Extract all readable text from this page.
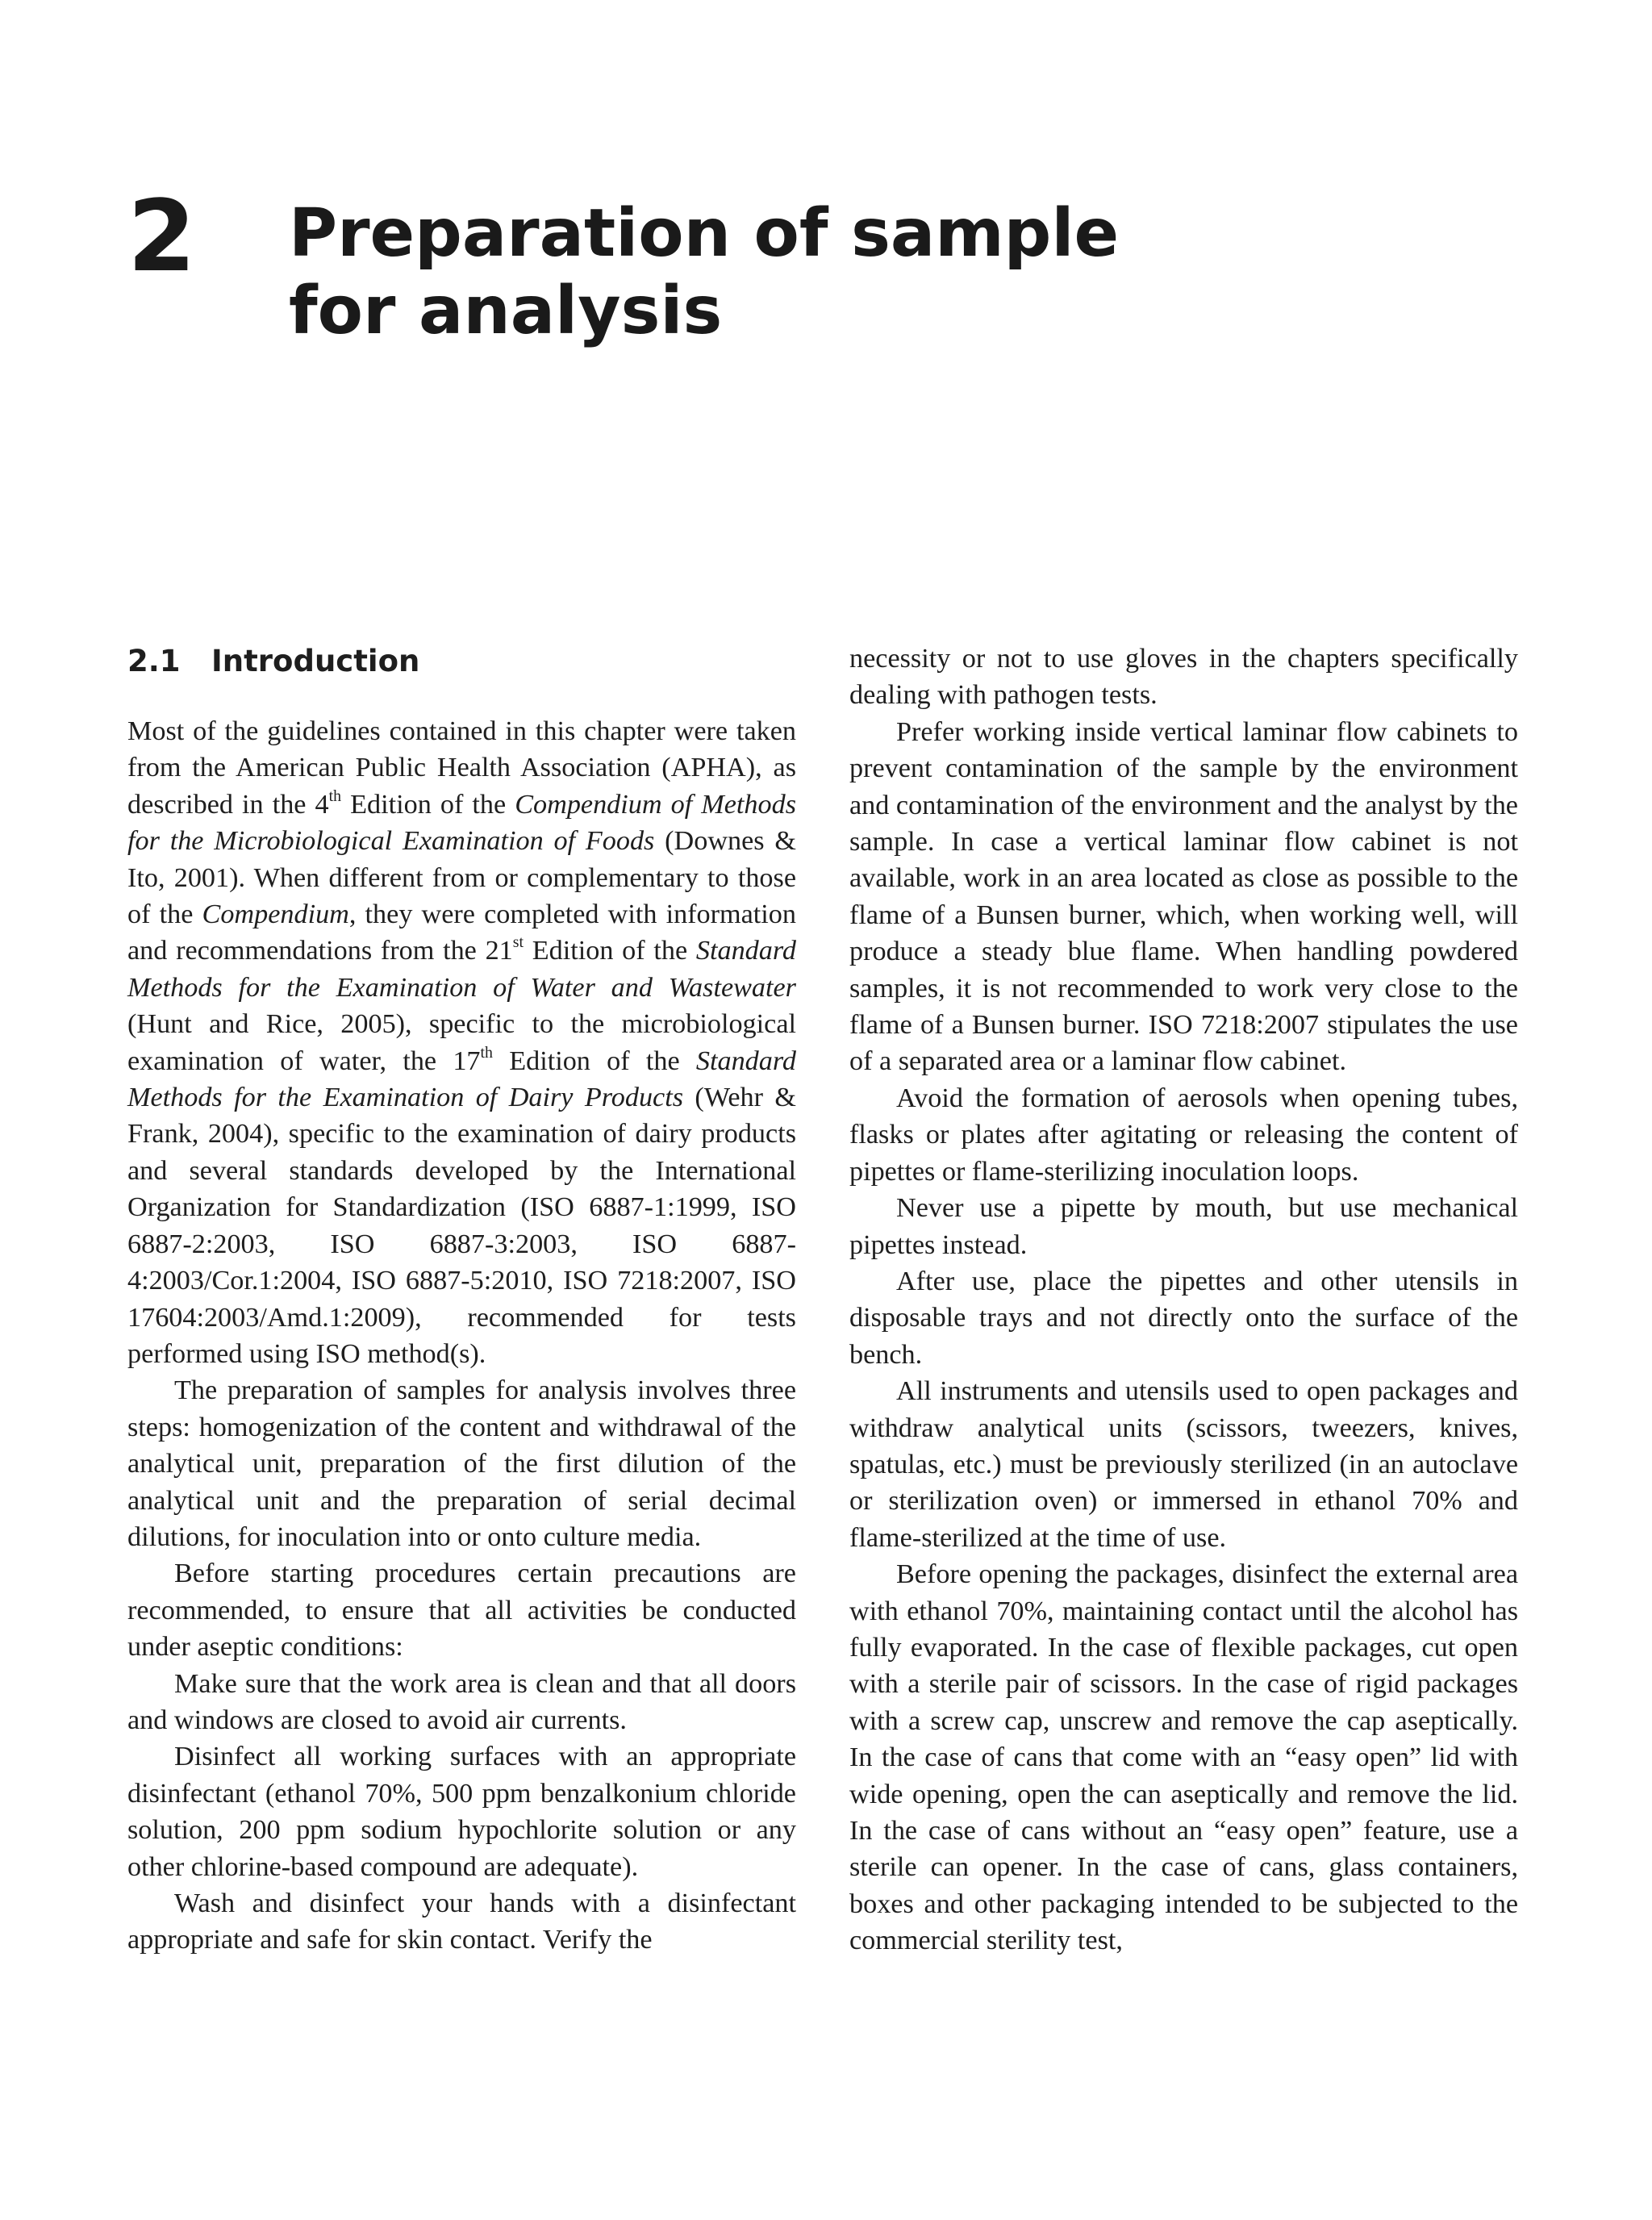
2 Preparation of sample
for analysis
2.1 Introduction

Most of the guidelines contained in this chapter were taken from the American Public Health Association (APHA), as described in the 4th Edition of the Compendium of Methods for the Microbiological Examination of Foods (Downes & Ito, 2001). When different from or complementary to those of the Compendium, they were completed with information and recommendations from the 21st Edition of the Standard Methods for the Examination of Water and Wastewater (Hunt and Rice, 2005), specific to the microbiological examination of water, the 17th Edition of the Standard Methods for the Examination of Dairy Products (Wehr & Frank, 2004), specific to the examination of dairy products and several standards developed by the International Organization for Standardization (ISO 6887-1:1999, ISO 6887-2:2003, ISO 6887-3:2003, ISO 6887-4:2003/Cor.1:2004, ISO 6887-5:2010, ISO 7218:2007, ISO 17604:2003/Amd.1:2009), recommended for tests performed using ISO method(s).

The preparation of samples for analysis involves three steps: homogenization of the content and withdrawal of the analytical unit, preparation of the first dilution of the analytical unit and the preparation of serial decimal dilutions, for inoculation into or onto culture media.

Before starting procedures certain precautions are recommended, to ensure that all activities be conducted under aseptic conditions:

Make sure that the work area is clean and that all doors and windows are closed to avoid air currents.

Disinfect all working surfaces with an appropriate disinfectant (ethanol 70%, 500 ppm benzalkonium chloride solution, 200 ppm sodium hypochlorite solution or any other chlorine-based compound are adequate).

Wash and disinfect your hands with a disinfectant appropriate and safe for skin contact. Verify the

necessity or not to use gloves in the chapters specifically dealing with pathogen tests.

Prefer working inside vertical laminar flow cabinets to prevent contamination of the sample by the environment and contamination of the environment and the analyst by the sample. In case a vertical laminar flow cabinet is not available, work in an area located as close as possible to the flame of a Bunsen burner, which, when working well, will produce a steady blue flame. When handling powdered samples, it is not recommended to work very close to the flame of a Bunsen burner. ISO 7218:2007 stipulates the use of a separated area or a laminar flow cabinet.

Avoid the formation of aerosols when opening tubes, flasks or plates after agitating or releasing the content of pipettes or flame-sterilizing inoculation loops.

Never use a pipette by mouth, but use mechanical pipettes instead.

After use, place the pipettes and other utensils in disposable trays and not directly onto the surface of the bench.

All instruments and utensils used to open packages and withdraw analytical units (scissors, tweezers, knives, spatulas, etc.) must be previously sterilized (in an autoclave or sterilization oven) or immersed in ethanol 70% and flame-sterilized at the time of use.

Before opening the packages, disinfect the external area with ethanol 70%, maintaining contact until the alcohol has fully evaporated. In the case of flexible packages, cut open with a sterile pair of scissors. In the case of rigid packages with a screw cap, unscrew and remove the cap aseptically. In the case of cans that come with an “easy open” lid with wide opening, open the can aseptically and remove the lid. In the case of cans without an “easy open” feature, use a sterile can opener. In the case of cans, glass containers, boxes and other packaging intended to be subjected to the commercial sterility test,
